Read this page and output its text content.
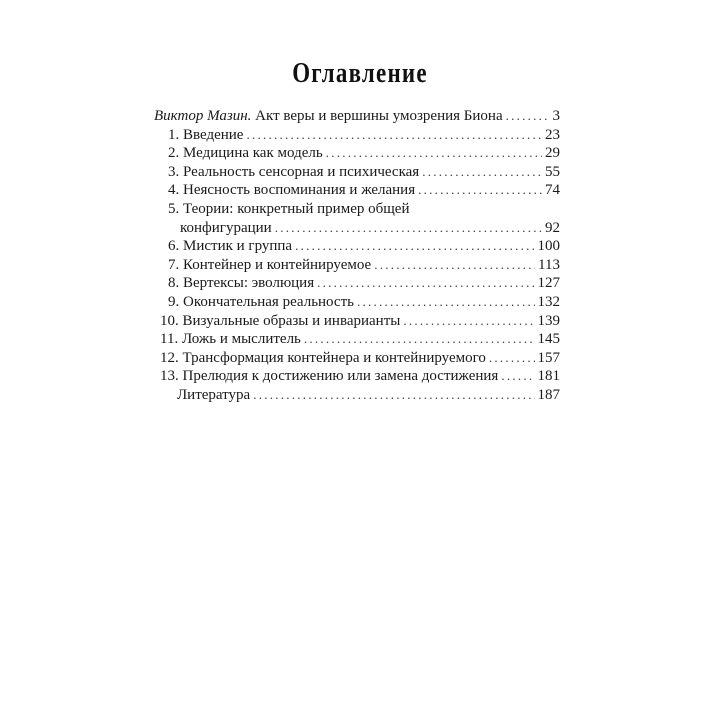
Оглавление
Виктор Мазин. Акт веры и вершины умозрения Биона . . .	3
1. Введение . . .	23
2. Медицина как модель . . .	29
3. Реальность сенсорная и психическая . . .	55
4. Неясность воспоминания и желания . . .	74
5. Теории: конкретный пример общей
конфигурации . . .	92
6. Мистик и группа . . .	100
7. Контейнер и контейнируемое . . .	113
8. Вертексы: эволюция . . .	127
9. Окончательная реальность . . .	132
10. Визуальные образы и инварианты . . .	139
11. Ложь и мыслитель . . .	145
12. Трансформация контейнера и контейнируемого . . .	157
13. Прелюдия к достижению или замена достижения . . .	181
Литература . . .	187
